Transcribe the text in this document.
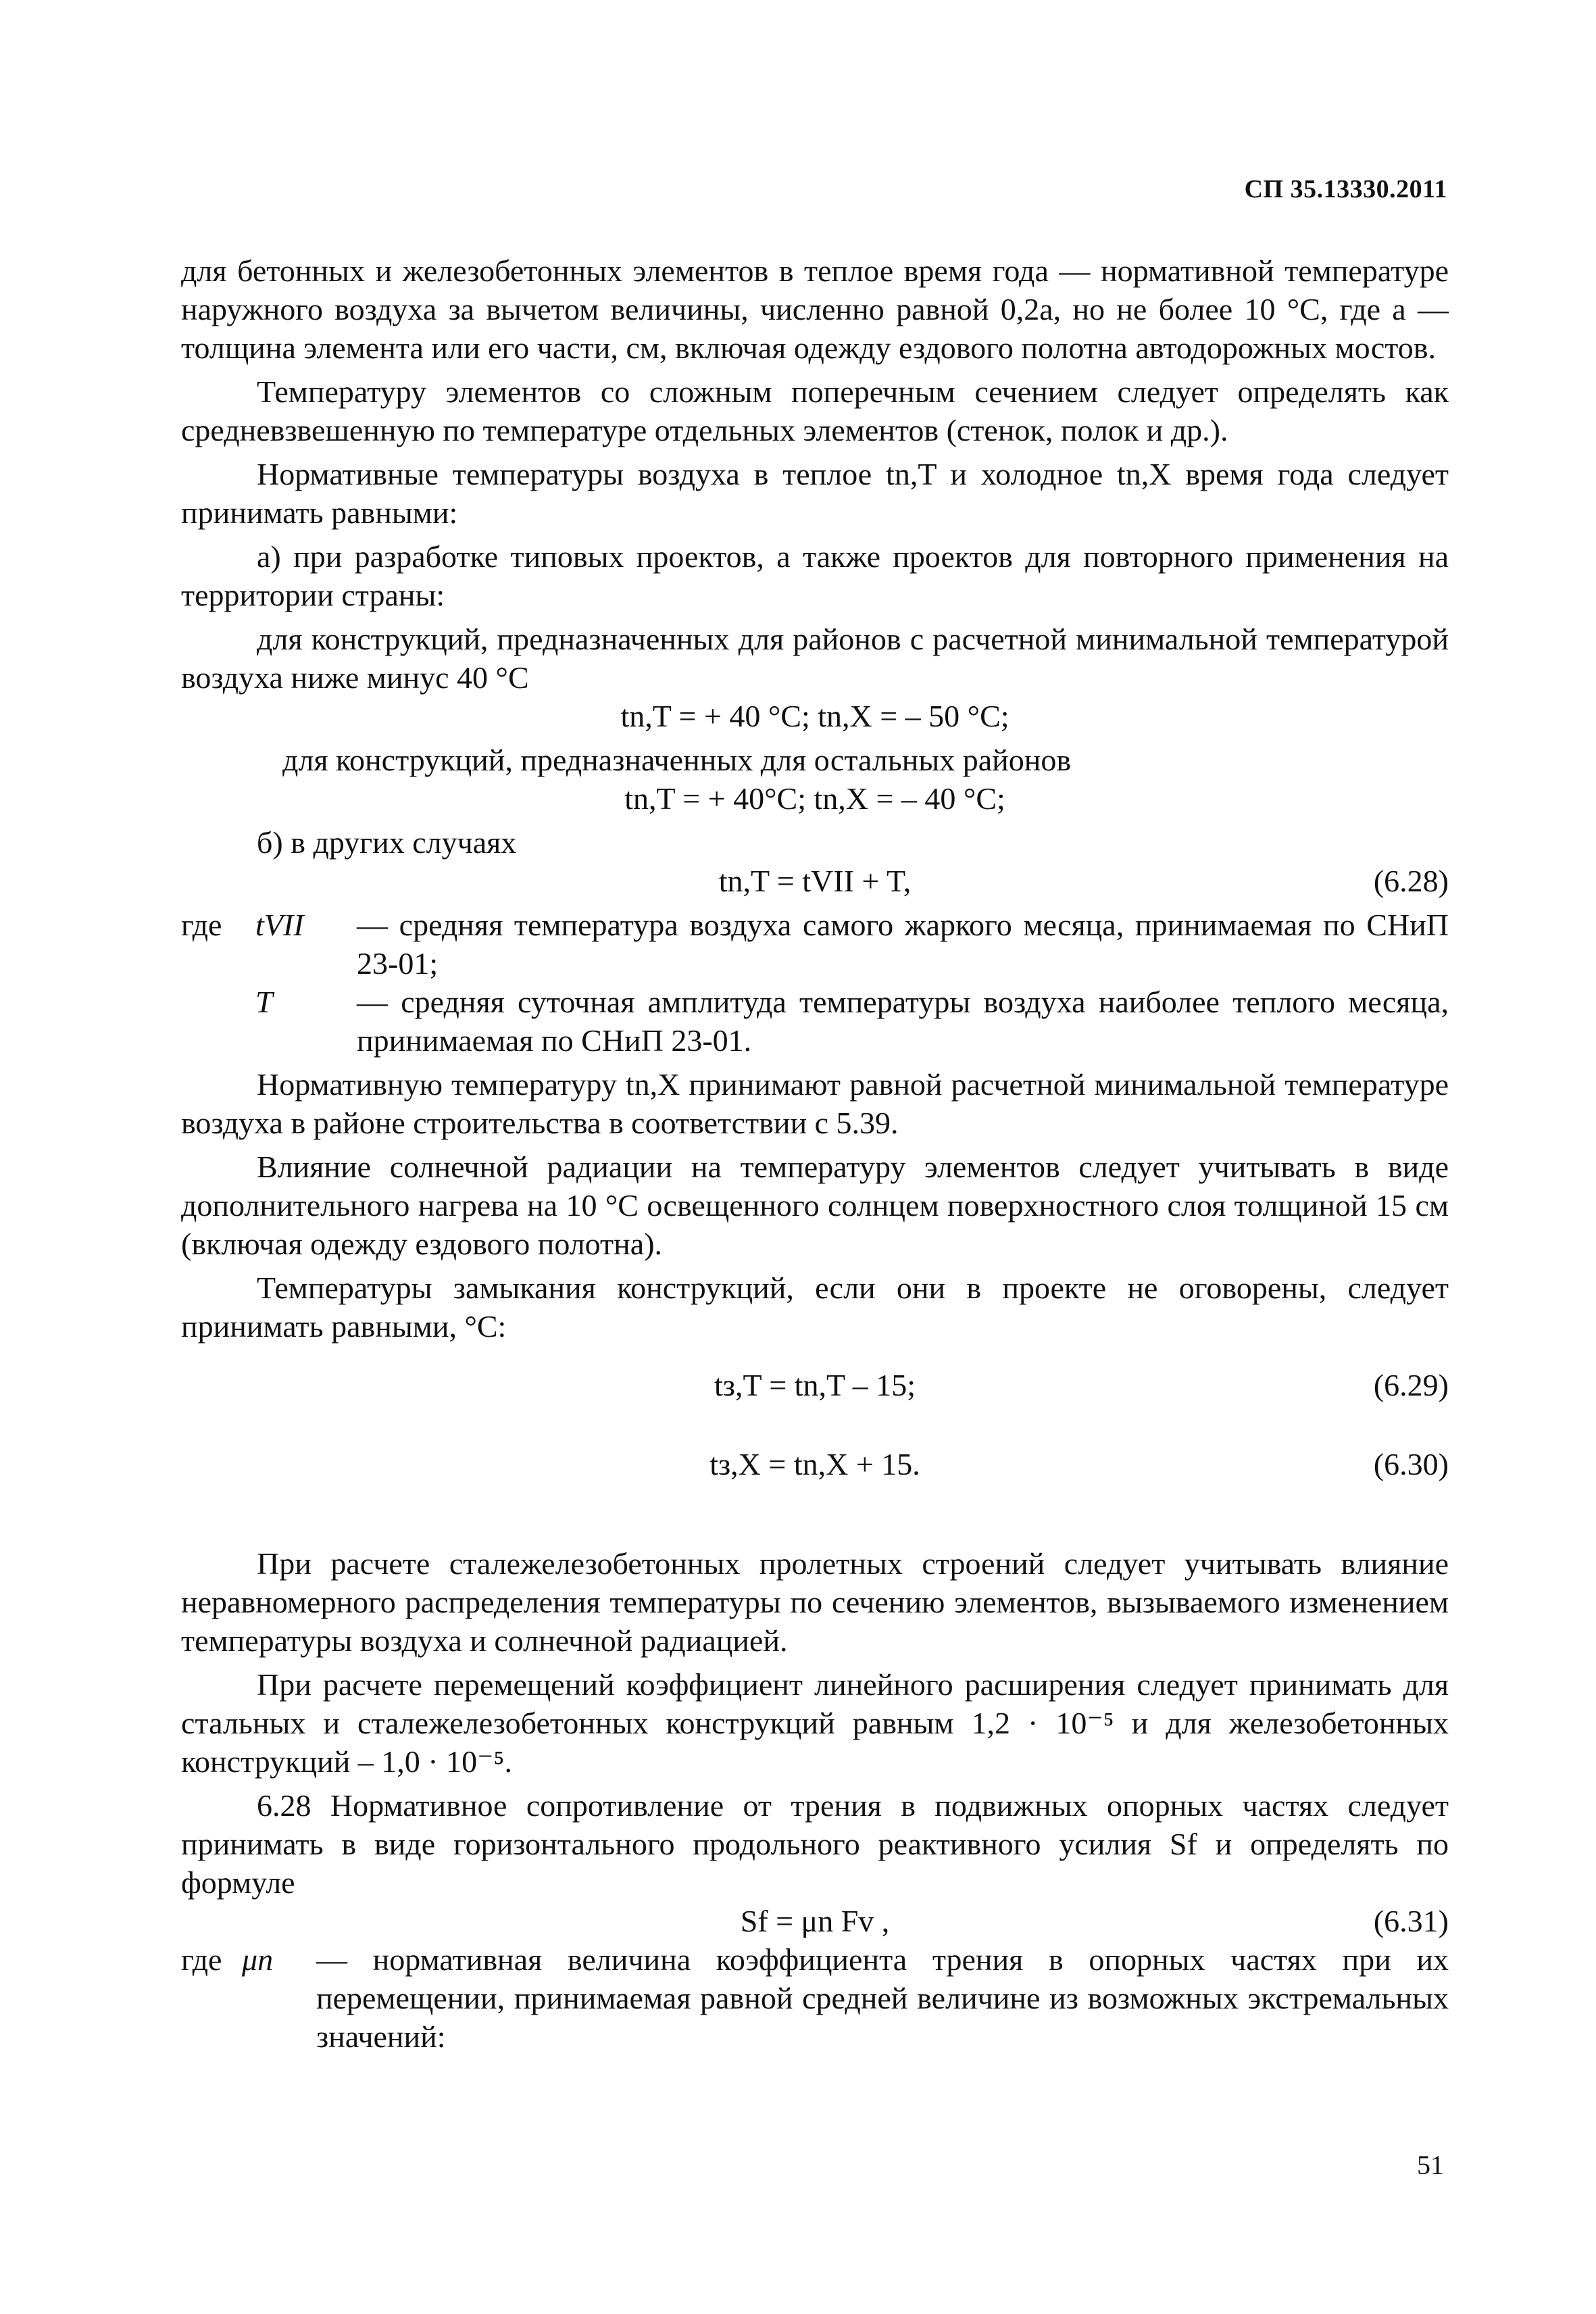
СП 35.13330.2011

для бетонных и железобетонных элементов в теплое время года — нормативной температуре наружного воздуха за вычетом величины, численно равной 0,2a, но не более 10 °С, где a — толщина элемента или его части, см, включая одежду ездового полотна автодорожных мостов.

Температуру элементов со сложным поперечным сечением следует определять как средневзвешенную по температуре отдельных элементов (стенок, полок и др.).

Нормативные температуры воздуха в теплое tn,T и холодное tn,X время года следует принимать равными:

а) при разработке типовых проектов, а также проектов для повторного применения на территории страны:

для конструкций, предназначенных для районов с расчетной минимальной температурой воздуха ниже минус 40 °С

tn,T = + 40 °C; tn,X = – 50 °C;

для конструкций, предназначенных для остальных районов

tn,T = + 40°C; tn,X = – 40 °C;

б) в других случаях

tn,T = tVII + T,	(6.28)
где	tVII	— средняя температура воздуха самого жаркого месяца, принимаемая по СНиП 23-01;
T	— средняя суточная амплитуда температуры воздуха наиболее теплого месяца, принимаемая по СНиП 23-01.

Нормативную температуру tn,X принимают равной расчетной минимальной температуре воздуха в районе строительства в соответствии с 5.39.

Влияние солнечной радиации на температуру элементов следует учитывать в виде дополнительного нагрева на 10 °С освещенного солнцем поверхностного слоя толщиной 15 см (включая одежду ездового полотна).

Температуры замыкания конструкций, если они в проекте не оговорены, следует принимать равными, °С:

tз,T = tn,T – 15;	(6.29)
tз,X = tn,X + 15.	(6.30)

При расчете сталежелезобетонных пролетных строений следует учитывать влияние неравномерного распределения температуры по сечению элементов, вызываемого изменением температуры воздуха и солнечной радиацией.

При расчете перемещений коэффициент линейного расширения следует принимать для стальных и сталежелезобетонных конструкций равным 1,2 · 10⁻⁵ и для железобетонных конструкций – 1,0 · 10⁻⁵.

6.28 Нормативное сопротивление от трения в подвижных опорных частях следует принимать в виде горизонтального продольного реактивного усилия Sf и определять по формуле

Sf = μn Fv ,	(6.31)
где μn	— нормативная величина коэффициента трения в опорных частях при их перемещении, принимаемая равной средней величине из возможных экстремальных значений:
51
